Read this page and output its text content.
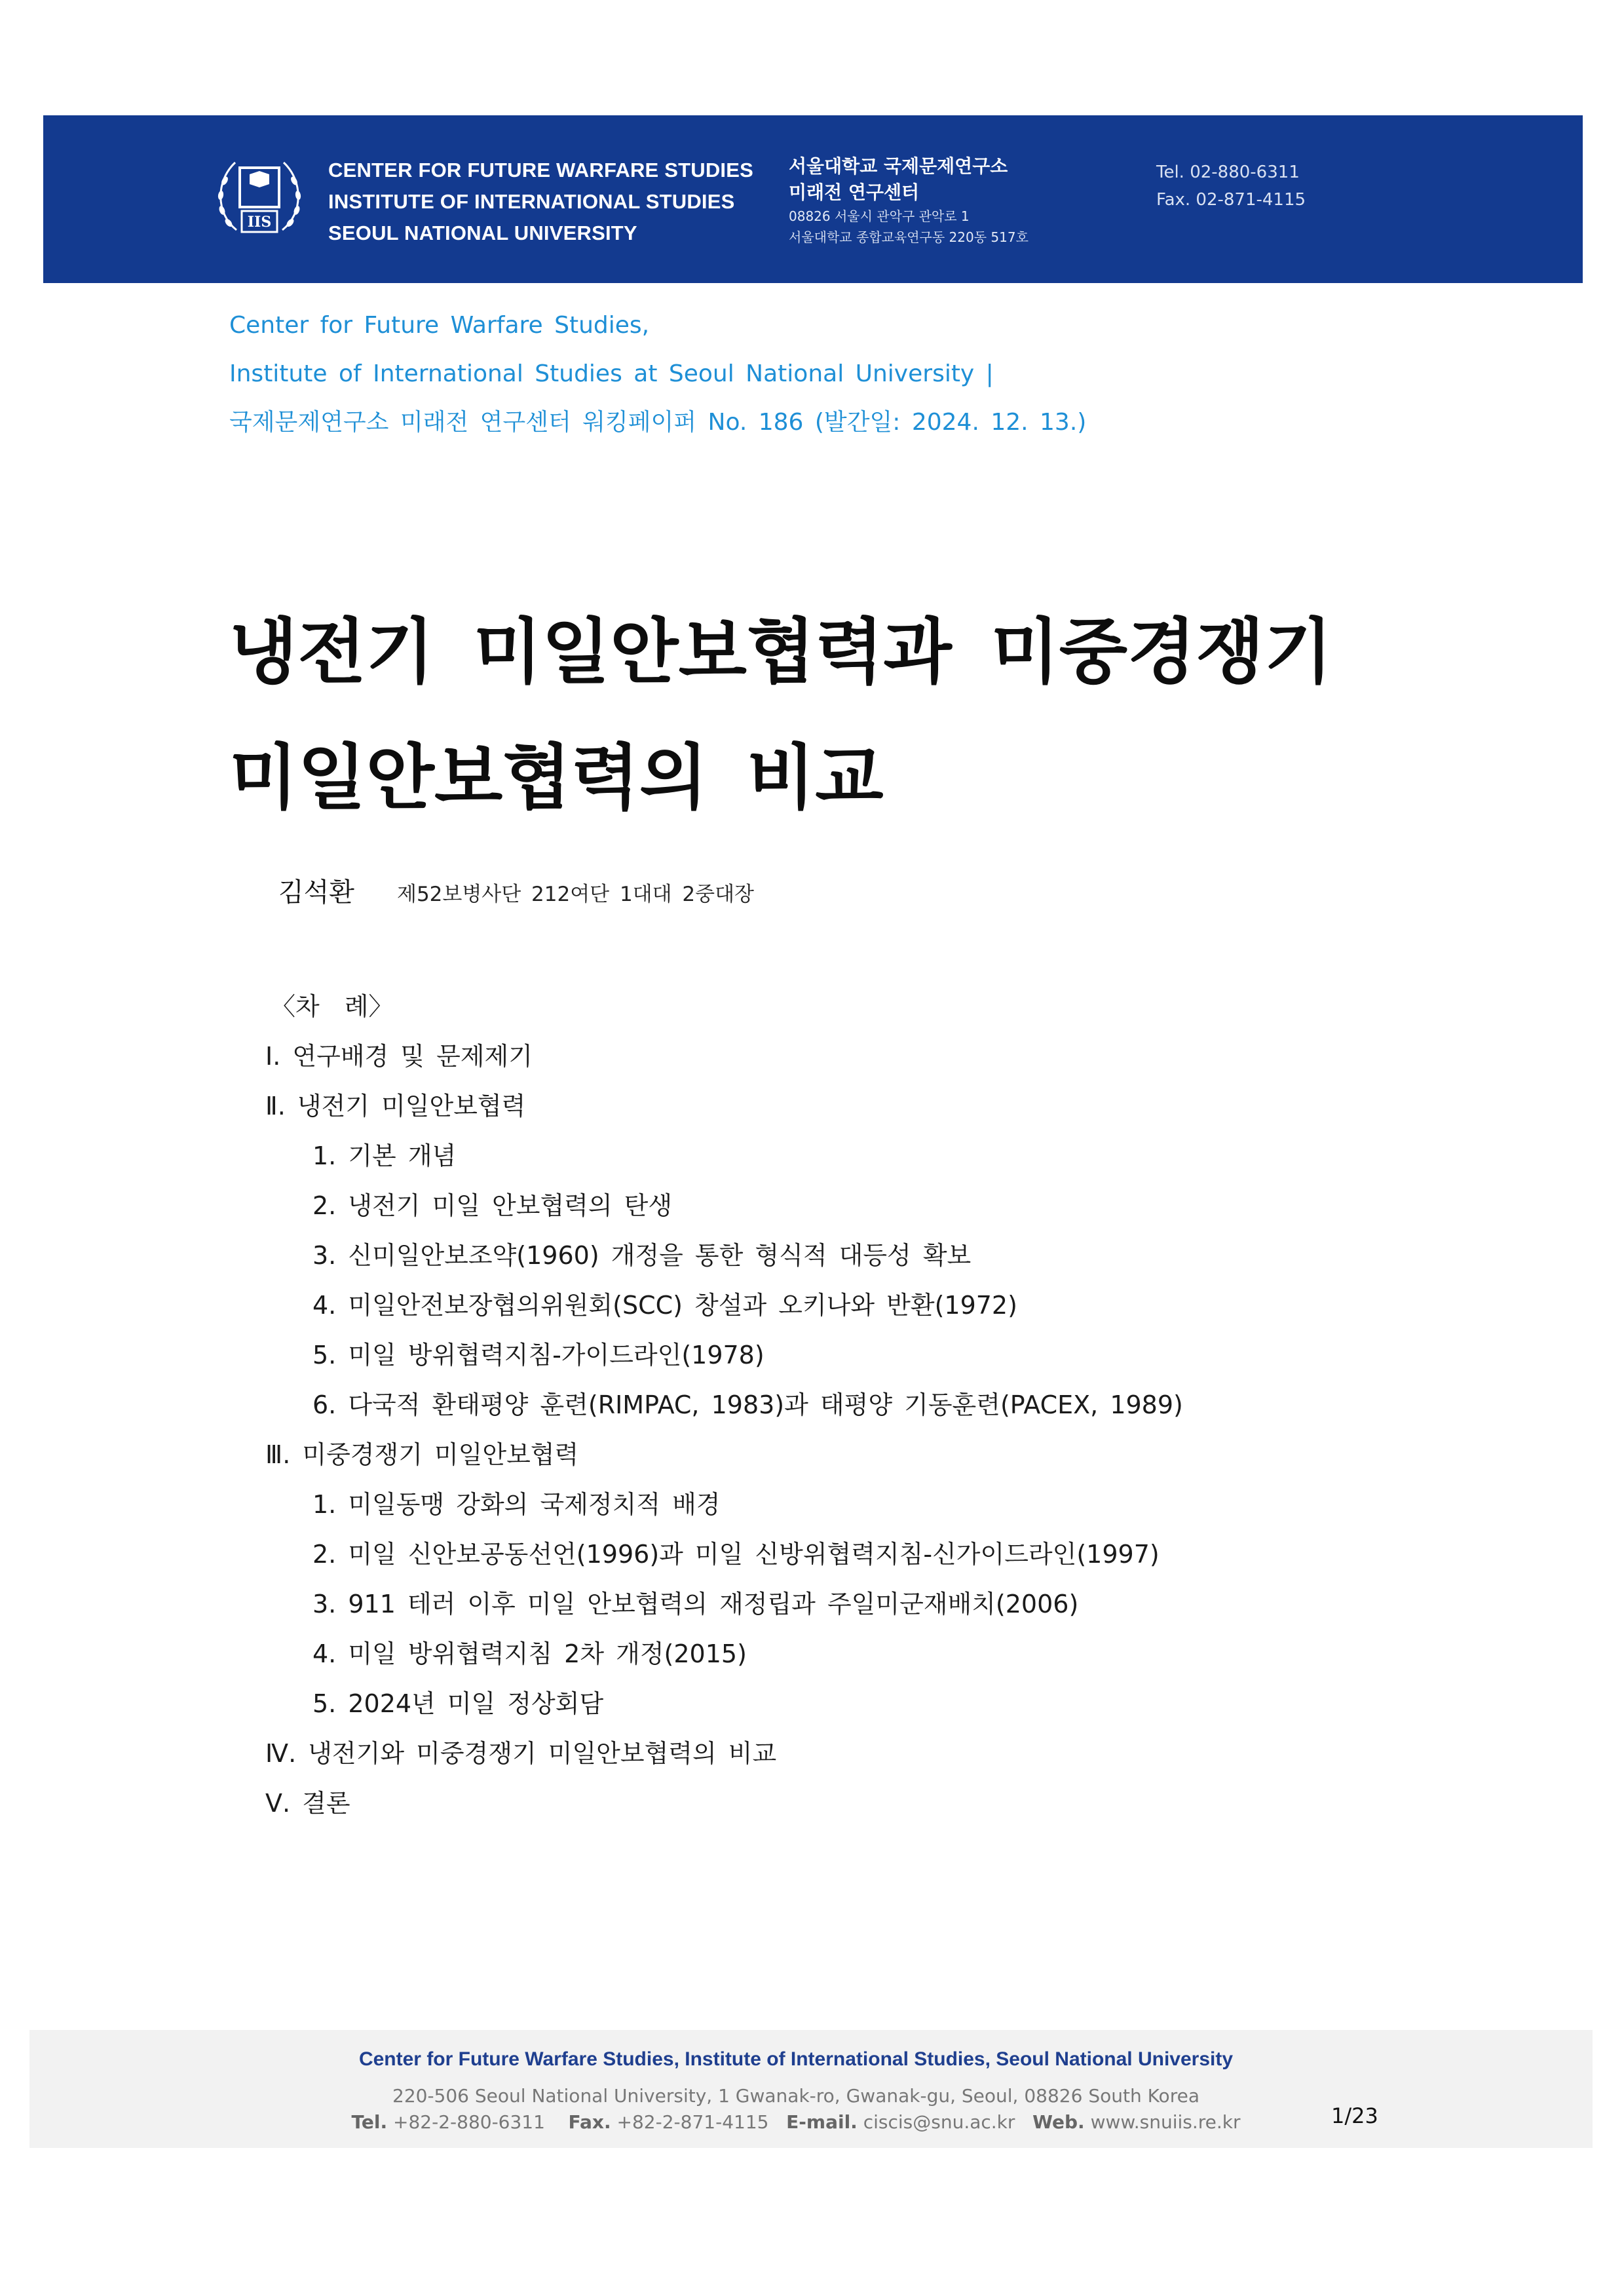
IIS
CENTER FOR FUTURE WARFARE STUDIES
INSTITUTE OF INTERNATIONAL STUDIES
SEOUL NATIONAL UNIVERSITY
서울대학교 국제문제연구소
미래전 연구센터
08826 서울시 관악구 관악로 1
서울대학교 종합교육연구동 220동 517호
Tel. 02-880-6311
Fax. 02-871-4115
Center for Future Warfare Studies,
Institute of International Studies at Seoul National University |
국제문제연구소 미래전 연구센터 워킹페이퍼 No. 186 (발간일: 2024. 12. 13.)
냉전기 미일안보협력과 미중경쟁기
미일안보협력의 비교
김석환 제52보병사단 212여단 1대대 2중대장
〈차　례〉
Ⅰ. 연구배경 및 문제제기
Ⅱ. 냉전기 미일안보협력
1. 기본 개념
2. 냉전기 미일 안보협력의 탄생
3. 신미일안보조약(1960) 개정을 통한 형식적 대등성 확보
4. 미일안전보장협의위원회(SCC) 창설과 오키나와 반환(1972)
5. 미일 방위협력지침-가이드라인(1978)
6. 다국적 환태평양 훈련(RIMPAC, 1983)과 태평양 기동훈련(PACEX, 1989)
Ⅲ. 미중경쟁기 미일안보협력
1. 미일동맹 강화의 국제정치적 배경
2. 미일 신안보공동선언(1996)과 미일 신방위협력지침-신가이드라인(1997)
3. 911 테러 이후 미일 안보협력의 재정립과 주일미군재배치(2006)
4. 미일 방위협력지침 2차 개정(2015)
5. 2024년 미일 정상회담
Ⅳ. 냉전기와 미중경쟁기 미일안보협력의 비교
Ⅴ. 결론
Center for Future Warfare Studies, Institute of International Studies, Seoul National University
220-506 Seoul National University, 1 Gwanak-ro, Gwanak-gu, Seoul, 08826 South Korea
Tel. +82-2-880-6311 Fax. +82-2-871-4115 E-mail. ciscis@snu.ac.kr Web. www.snuiis.re.kr	1/23
